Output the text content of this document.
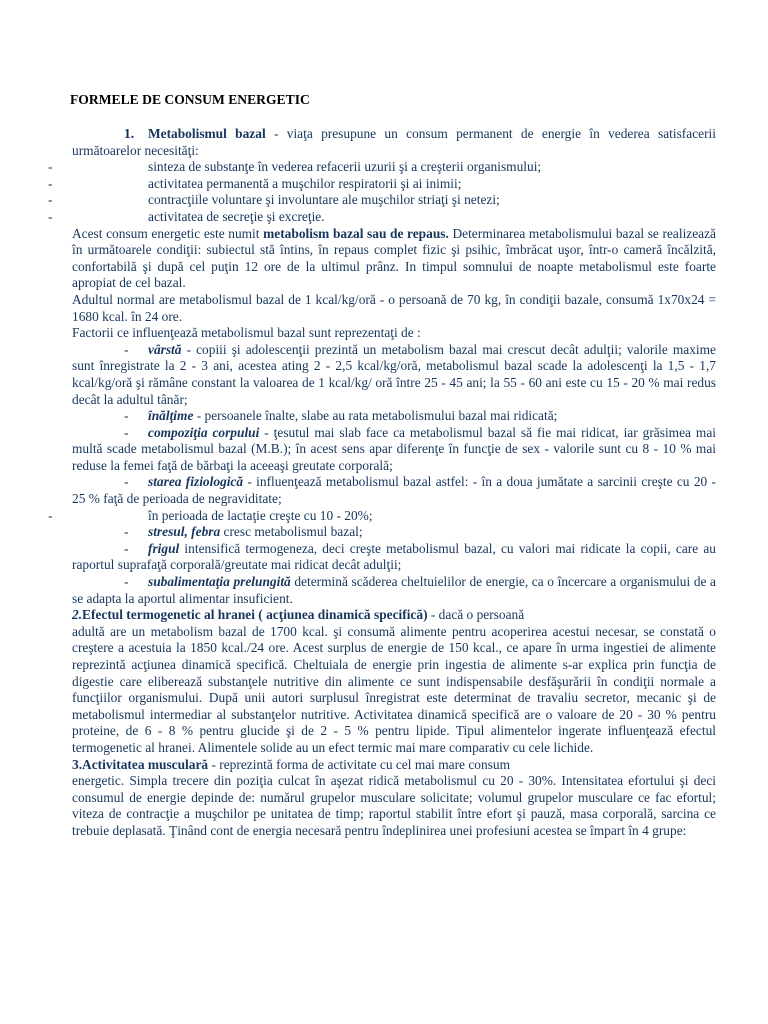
FORMELE DE CONSUM ENERGETIC
1. Metabolismul bazal - viaţa presupune un consum permanent de energie în vederea satisfacerii următoarelor necesităţi:
-	sinteza de substanţe în vederea refacerii uzurii şi a creşterii organismului;
-	activitatea permanentă a muşchilor respiratorii şi ai inimii;
-	contracţiile voluntare şi involuntare ale muşchilor striaţi şi netezi;
-	activitatea de secreţie şi excreţie.
Acest consum energetic este numit metabolism bazal sau de repaus. Determinarea metabolismului bazal se realizează în următoarele condiţii: subiectul stă întins, în repaus complet fizic şi psihic, îmbrăcat uşor, într-o cameră încălzită, confortabilă şi după cel puţin 12 ore de la ultimul prânz. In timpul somnului de noapte metabolismul este foarte apropiat de cel bazal.
Adultul normal are metabolismul bazal de 1 kcal/kg/oră - o persoană de 70 kg, în condiţii bazale, consumă 1x70x24 = 1680 kcal. în 24 ore.
Factorii ce influenţează metabolismul bazal sunt reprezentaţi de :
- vârstă - copiii şi adolescenţii prezintă un metabolism bazal mai crescut decât adulţii; valorile maxime sunt înregistrate la 2 - 3 ani, acestea ating 2 - 2,5 kcal/kg/oră, metabolismul bazal scade la adolescenţi la 1,5 - 1,7 kcal/kg/oră şi rămâne constant la valoarea de 1 kcal/kg/ oră între 25 - 45 ani; la 55 - 60 ani este cu 15 - 20 % mai redus decât la adultul tânăr;
- înălţime - persoanele înalte, slabe au rata metabolismului bazal mai ridicată;
- compoziţia corpului - ţesutul mai slab face ca metabolismul bazal să fie mai ridicat, iar grăsimea mai multă scade metabolismul bazal (M.B.); în acest sens apar diferenţe în funcţie de sex - valorile sunt cu 8 - 10 % mai reduse la femei faţă de bărbaţi la aceeaşi greutate corporală;
- starea fiziologică - influenţează metabolismul bazal astfel: - în a doua jumătate a sarcinii creşte cu 20 - 25 % faţă de perioada de negraviditate;
-	în perioada de lactaţie creşte cu 10 - 20%;
- stresul, febra cresc metabolismul bazal;
- frigul intensifică termogeneza, deci creşte metabolismul bazal, cu valori mai ridicate la copii, care au raportul suprafaţă corporală/greutate mai ridicat decât adulţii;
- subalimentaţia prelungită determină scăderea cheltuielilor de energie, ca o încercare a organismului de a se adapta la aportul alimentar insuficient.
2.Efectul termogenetic al hranei ( acţiunea dinamică specifică) - dacă o persoană
adultă are un metabolism bazal de 1700 kcal. şi consumă alimente pentru acoperirea acestui necesar, se constată o creştere a acestuia la 1850 kcal./24 ore. Acest surplus de energie de 150 kcal., ce apare în urma ingestiei de alimente reprezintă acţiunea dinamică specifică. Cheltuiala de energie prin ingestia de alimente s-ar explica prin funcţia de digestie care eliberează substanţele nutritive din alimente ce sunt indispensabile desfăşurării în condiţii normale a funcţiilor organismului. După unii autori surplusul înregistrat este determinat de travaliu secretor, mecanic şi de metabolismul intermediar al substanţelor nutritive. Activitatea dinamică specifică are o valoare de 20 - 30 % pentru proteine, de 6 - 8 % pentru glucide şi de 2 - 5 % pentru lipide. Tipul alimentelor ingerate influenţează efectul termogenetic al hranei. Alimentele solide au un efect termic mai mare comparativ cu cele lichide.
3.Activitatea musculară - reprezintă forma de activitate cu cel mai mare consum
energetic. Simpla trecere din poziţia culcat în aşezat ridică metabolismul cu 20 - 30%. Intensitatea efortului şi deci consumul de energie depinde de: numărul grupelor musculare solicitate; volumul grupelor musculare ce fac efortul; viteza de contracţie a muşchilor pe unitatea de timp; raportul stabilit între efort şi pauză, masa corporală, sarcina ce trebuie deplasată. Ţinând cont de energia necesară pentru îndeplinirea unei profesiuni acestea se împart în 4 grupe:
